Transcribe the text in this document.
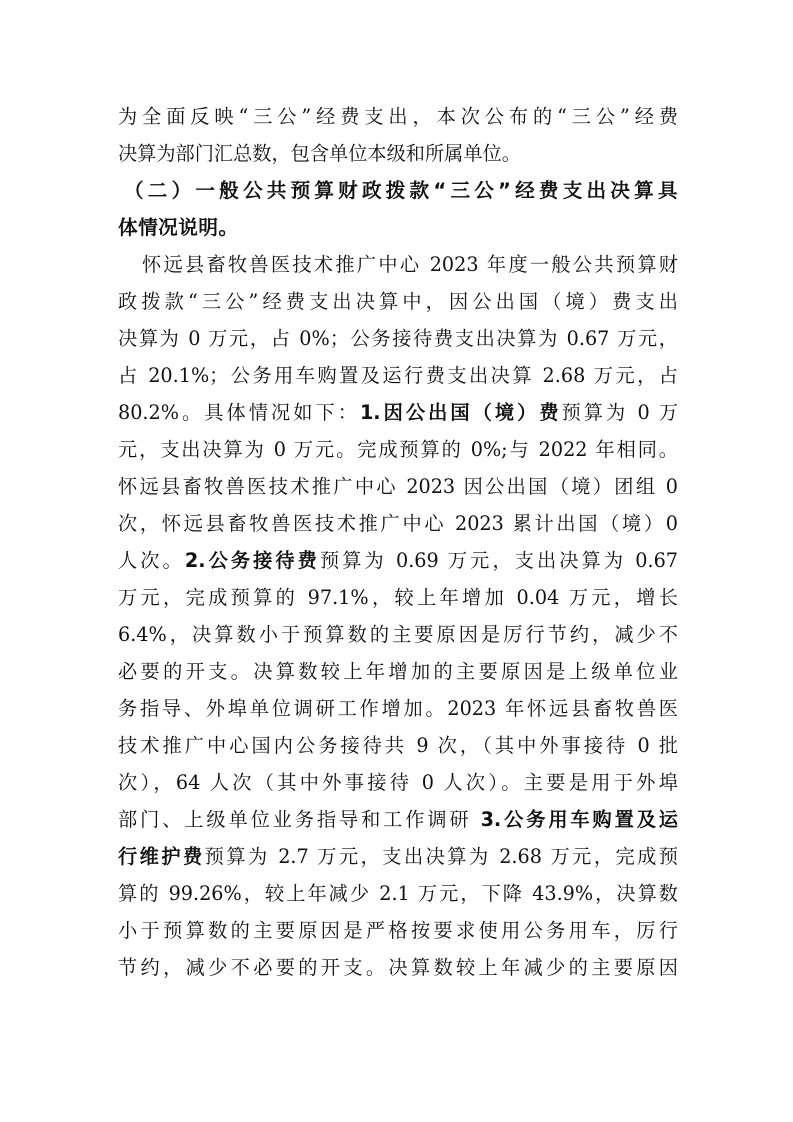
为全面反映“三公”经费支出，本次公布的“三公”经费
决算为部门汇总数，包含单位本级和所属单位。
（二）一般公共预算财政拨款“三公”经费支出决算具
体情况说明。
怀远县畜牧兽医技术推广中心 2023 年度一般公共预算财
政拨款“三公”经费支出决算中，因公出国（境）费支出
决算为 0 万元，占 0%；公务接待费支出决算为 0.67 万元，
占 20.1%；公务用车购置及运行费支出决算 2.68 万元，占
80.2%。具体情况如下：1.因公出国（境）费预算为 0 万
元，支出决算为 0 万元。完成预算的 0%;与 2022 年相同。
怀远县畜牧兽医技术推广中心 2023 因公出国（境）团组 0
次，怀远县畜牧兽医技术推广中心 2023 累计出国（境）0
人次。2.公务接待费预算为 0.69 万元，支出决算为 0.67
万元，完成预算的 97.1%，较上年增加 0.04 万元，增长
6.4%，决算数小于预算数的主要原因是厉行节约，减少不
必要的开支。决算数较上年增加的主要原因是上级单位业
务指导、外埠单位调研工作增加。2023 年怀远县畜牧兽医
技术推广中心国内公务接待共 9 次，（其中外事接待 0 批
次），64 人次（其中外事接待 0 人次）。主要是用于外埠
部门、上级单位业务指导和工作调研 3.公务用车购置及运
行维护费预算为 2.7 万元，支出决算为 2.68 万元，完成预
算的 99.26%，较上年减少 2.1 万元，下降 43.9%，决算数
小于预算数的主要原因是严格按要求使用公务用车，厉行
节约，减少不必要的开支。决算数较上年减少的主要原因
